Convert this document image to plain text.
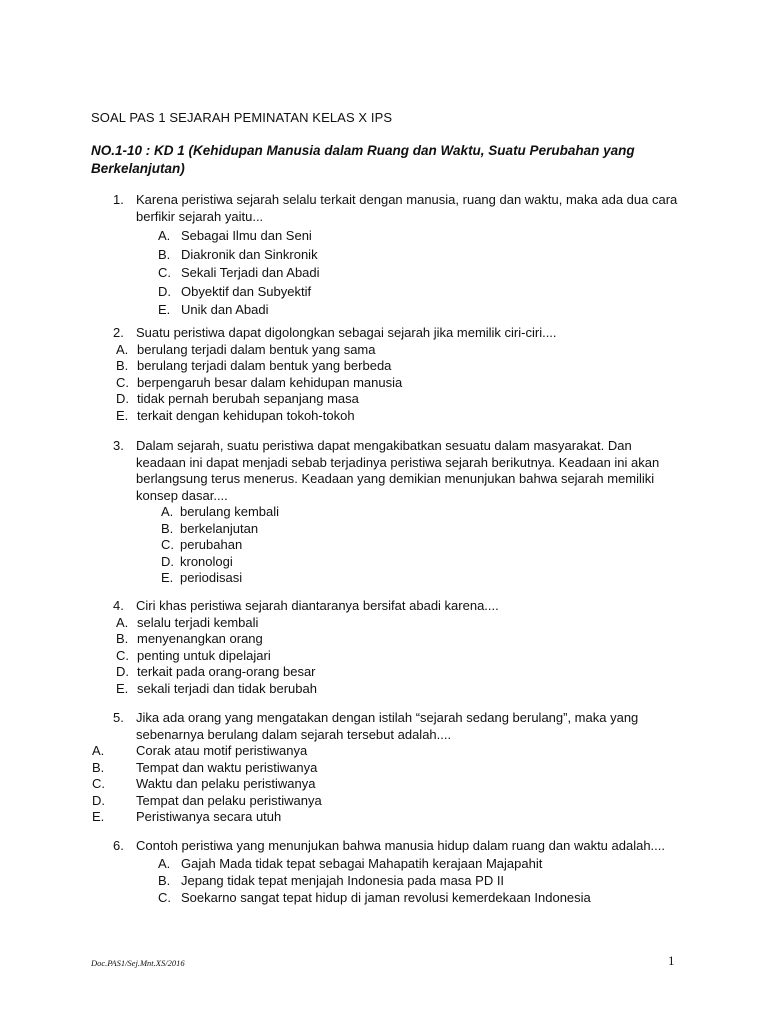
SOAL PAS 1 SEJARAH PEMINATAN KELAS X IPS
NO.1-10 : KD 1 (Kehidupan Manusia dalam Ruang dan Waktu, Suatu Perubahan yang Berkelanjutan)
1. Karena peristiwa sejarah selalu terkait dengan manusia, ruang dan waktu, maka ada dua cara berfikir sejarah yaitu...
A. Sebagai Ilmu dan Seni
B. Diakronik dan Sinkronik
C. Sekali Terjadi dan Abadi
D. Obyektif dan Subyektif
E. Unik dan Abadi
2. Suatu peristiwa dapat digolongkan sebagai sejarah jika memilik ciri-ciri....
A. berulang terjadi dalam bentuk yang sama
B. berulang terjadi dalam bentuk yang berbeda
C. berpengaruh besar dalam kehidupan manusia
D. tidak pernah berubah sepanjang masa
E. terkait dengan kehidupan tokoh-tokoh
3. Dalam sejarah, suatu peristiwa dapat mengakibatkan sesuatu dalam masyarakat. Dan keadaan ini dapat menjadi sebab terjadinya peristiwa sejarah berikutnya. Keadaan ini akan berlangsung terus menerus. Keadaan yang demikian menunjukan bahwa sejarah memiliki konsep dasar....
A. berulang kembali
B. berkelanjutan
C. perubahan
D. kronologi
E. periodisasi
4. Ciri khas peristiwa sejarah diantaranya bersifat abadi karena....
A. selalu terjadi kembali
B. menyenangkan orang
C. penting untuk dipelajari
D. terkait pada orang-orang besar
E. sekali terjadi dan tidak berubah
5. Jika ada orang yang mengatakan dengan istilah “sejarah sedang berulang”, maka yang sebenarnya berulang dalam sejarah tersebut adalah....
A. Corak atau motif peristiwanya
B. Tempat dan waktu peristiwanya
C. Waktu dan pelaku peristiwanya
D. Tempat dan pelaku peristiwanya
E. Peristiwanya secara utuh
6. Contoh peristiwa yang menunjukan bahwa manusia hidup dalam ruang dan waktu adalah....
A. Gajah Mada tidak tepat sebagai Mahapatih kerajaan Majapahit
B. Jepang tidak tepat menjajah Indonesia pada masa PD II
C. Soekarno sangat tepat hidup di jaman revolusi kemerdekaan Indonesia
Doc.PAS1/Sej.Mnt.XS/2016	1
